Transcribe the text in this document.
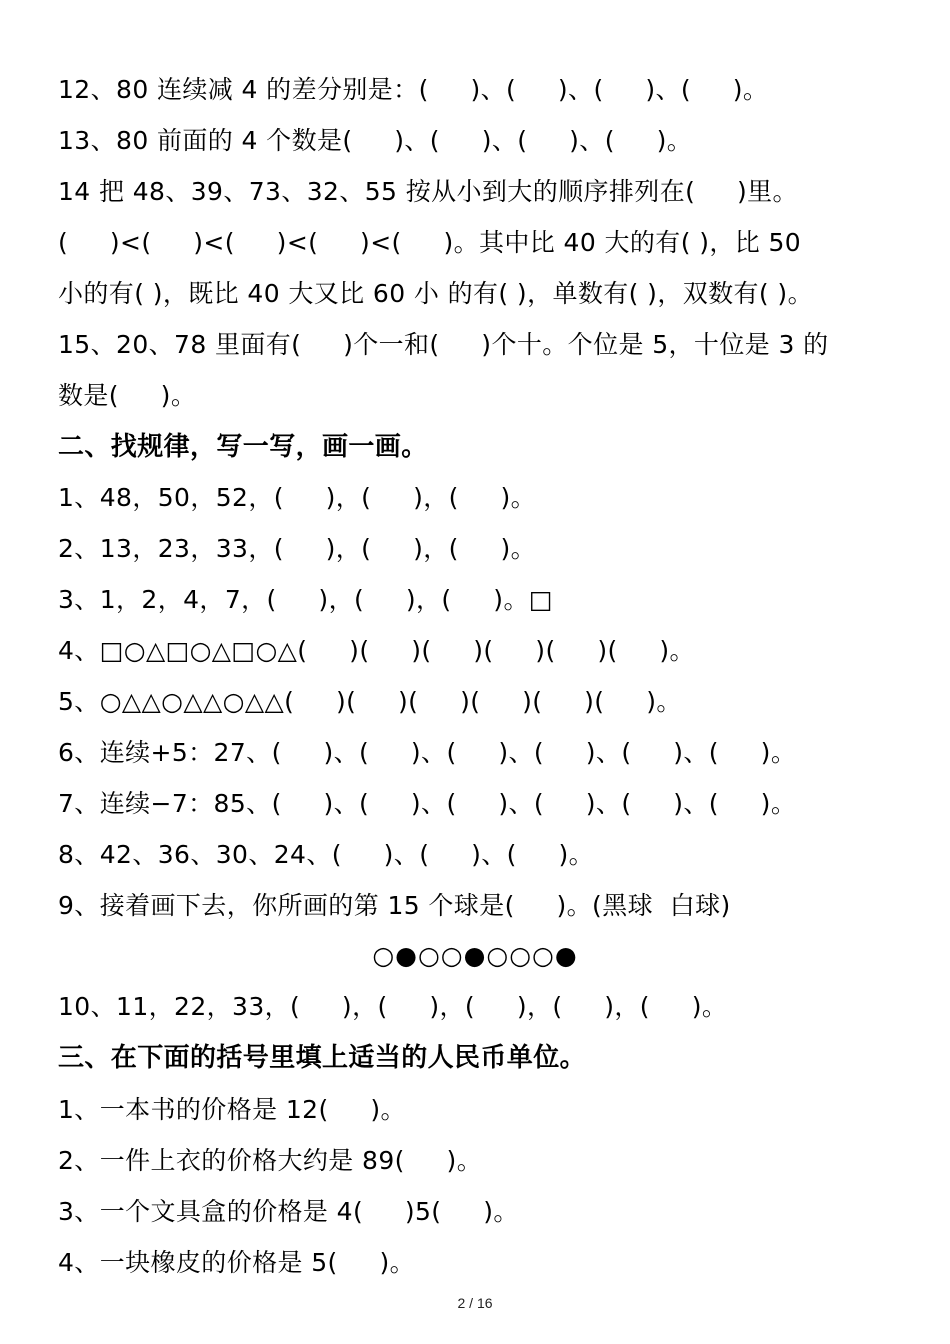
12、80 连续减 4 的差分别是：(     )、(     )、(     )、(     )。
13、80 前面的 4 个数是(     )、(     )、(     )、(     )。
14 把 48、39、73、32、55 按从小到大的顺序排列在(     )里。
(     )<(     )<(     )<(     )<(     )。其中比 40 大的有( )，比 50
小的有( )，既比 40 大又比 60 小 的有( )，单数有( )，双数有( )。
15、20、78 里面有(     )个一和(     )个十。个位是 5，十位是 3 的
数是(     )。
二、找规律，写一写，画一画。
1、48，50，52，(     )，(     )，(     )。
2、13，23，33，(     )，(     )，(     )。
3、1，2，4，7，(     )，(     )，(     )。□
4、□○△□○△□○△(     )(     )(     )(     )(     )(     )。
5、○△△○△△○△△(     )(     )(     )(     )(     )(     )。
6、连续+5：27、(     )、(     )、(     )、(     )、(     )、(     )。
7、连续−7：85、(     )、(     )、(     )、(     )、(     )、(     )。
8、42、36、30、24、(     )、(     )、(     )。
9、接着画下去，你所画的第 15 个球是(     )。(黑球  白球)
○●○○●○○○●
10、11，22，33，(     )，(     )，(     )，(     )，(     )。
三、在下面的括号里填上适当的人民币单位。
1、一本书的价格是 12(     )。
2、一件上衣的价格大约是 89(     )。
3、一个文具盒的价格是 4(     )5(     )。
4、一块橡皮的价格是 5(     )。
2 / 16
